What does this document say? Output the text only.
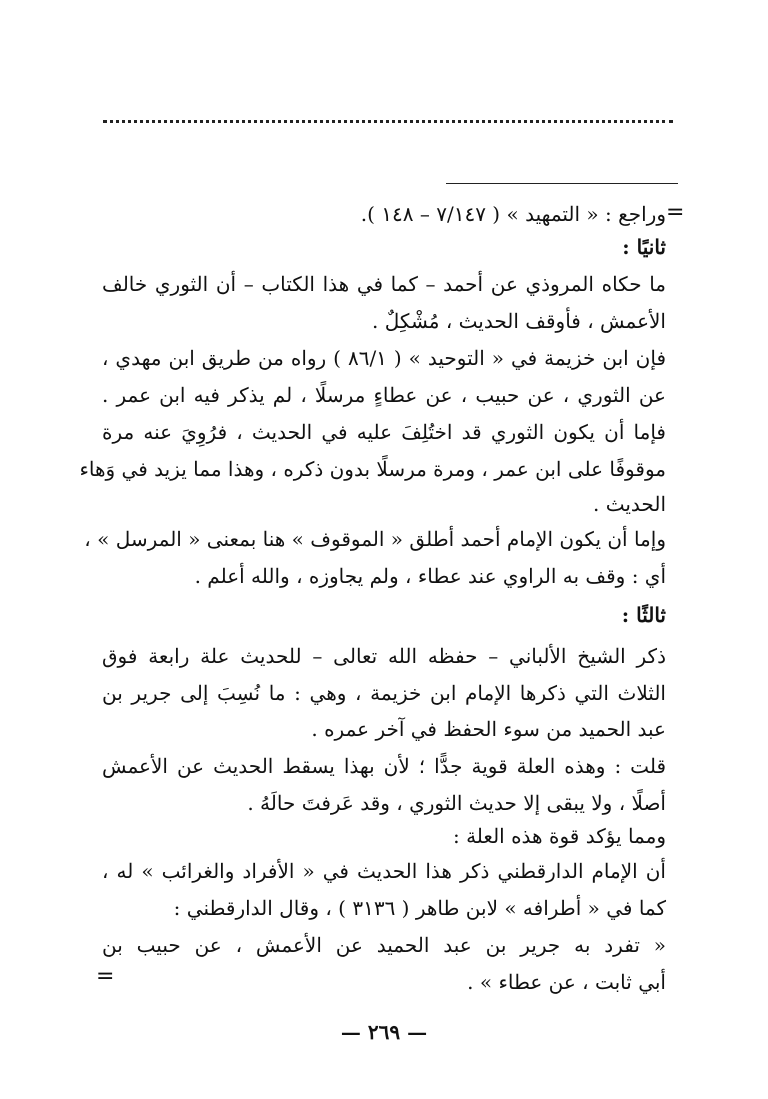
=
وراجع : « التمهيد » ( ٧/١٤٧ – ١٤٨ ).
ثانيًا :
ما حكاه المروذي عن أحمد – كما في هذا الكتاب – أن الثوري خالف
الأعمش ، فأوقف الحديث ، مُشْكِلٌ .
فإن ابن خزيمة في « التوحيد » ( ٨٦/١ ) رواه من طريق ابن مهدي ،
عن الثوري ، عن حبيب ، عن عطاءٍ مرسلًا ، لم يذكر فيه ابن عمر .
فإما أن يكون الثوري قد اختُلِفَ عليه في الحديث ، فرُوِيَ عنه مرة
موقوفًا على ابن عمر ، ومرة مرسلًا بدون ذكره ، وهذا مما يزيد في وَهاء
الحديث .
وإما أن يكون الإمام أحمد أطلق « الموقوف » هنا بمعنى « المرسل » ،
أي : وقف به الراوي عند عطاء ، ولم يجاوزه ، والله أعلم .
ثالثًا :
ذكر الشيخ الألباني – حفظه الله تعالى – للحديث علة رابعة فوق
الثلاث التي ذكرها الإمام ابن خزيمة ، وهي : ما نُسِبَ إلى جرير بن
عبد الحميد من سوء الحفظ في آخر عمره .
قلت : وهذه العلة قوية جدًّا ؛ لأن بهذا يسقط الحديث عن الأعمش
أصلًا ، ولا يبقى إلا حديث الثوري ، وقد عَرفتَ حالَهُ .
ومما يؤكد قوة هذه العلة :
أن الإمام الدارقطني ذكر هذا الحديث في « الأفراد والغرائب » له ،
كما في « أطرافه » لابن طاهر ( ٣١٣٦ ) ، وقال الدارقطني :
« تفرد به جرير بن عبد الحميد عن الأعمش ، عن حبيب بن
أبي ثابت ، عن عطاء » .
=
— ٢٦٩ —
